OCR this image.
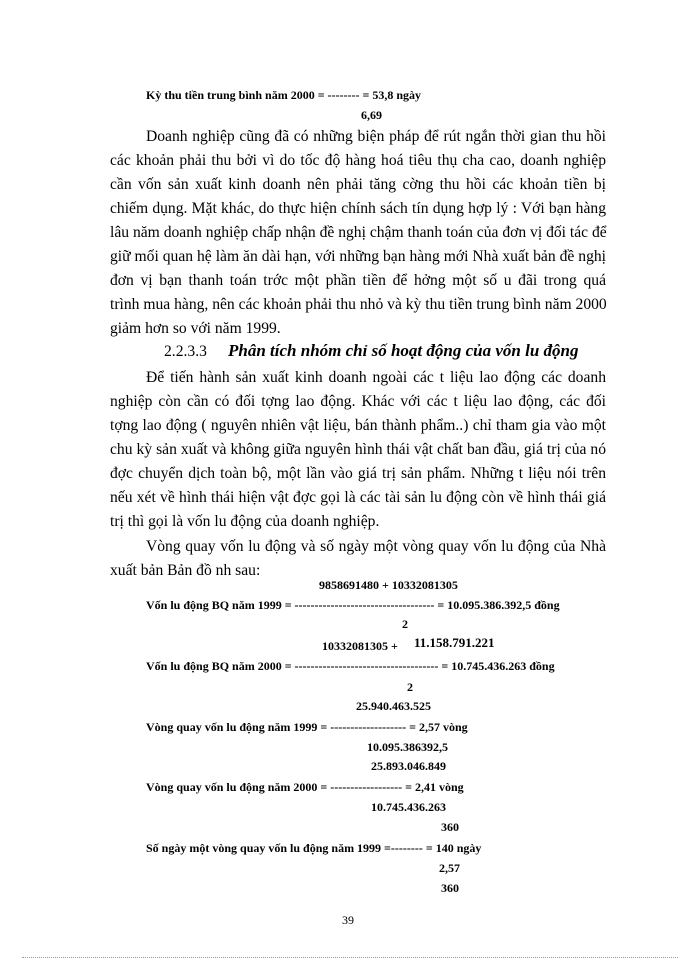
Kỳ thu tiền trung bình năm 2000 = -------- = 53,8 ngày
6,69
Doanh nghiệp cũng đã có những biện pháp để rút ngắn thời gian thu hồi
các khoản phải thu bởi vì do tốc độ hàng hoá tiêu thụ cha cao, doanh nghiệp
cần vốn sản xuất kinh doanh nên phải tăng cờng thu hồi các khoản tiền bị
chiếm dụng. Mặt khác, do thực hiện chính sách tín dụng hợp lý : Với bạn hàng
lâu năm doanh nghiệp chấp nhận đề nghị chậm thanh toán của đơn vị đối tác để
giữ mối quan hệ làm ăn dài hạn, với những bạn hàng mới Nhà xuất bản đề nghị
đơn vị bạn thanh toán trớc một phần tiền để hởng một số u đãi trong quá
trình mua hàng, nên các khoản phải thu nhỏ và kỳ thu tiền trung bình năm 2000
giảm hơn so với năm 1999.
2.2.3.3 Phân tích nhóm chỉ số hoạt động của vốn lu động
Để tiến hành sản xuất kinh doanh ngoài các t liệu lao động các doanh
nghiệp còn cần có đối tợng lao động. Khác với các t liệu lao động, các đối
tợng lao động ( nguyên nhiên vật liệu, bán thành phẩm..) chỉ tham gia vào một
chu kỳ sản xuất và không giữa nguyên hình thái vật chất ban đầu, giá trị của nó
đợc chuyển dịch toàn bộ, một lần vào giá trị sản phẩm. Những t liệu nói trên
nếu xét về hình thái hiện vật đợc gọi là các tài sản lu động còn về hình thái giá
trị thì gọi là vốn lu động của doanh nghiệp.
Vòng quay vốn lu động và số ngày một vòng quay vốn lu động của Nhà
xuất bản Bản đồ nh sau:
9858691480 + 10332081305
Vốn lu động BQ năm 1999 = ----------------------------------- = 10.095.386.392,5 đồng
2
10332081305 + 11.158.791.221
Vốn lu động BQ năm 2000 = ------------------------------------ = 10.745.436.263 đồng
2
25.940.463.525
Vòng quay vốn lu động năm 1999 = ------------------- = 2,57 vòng
10.095.386392,5
25.893.046.849
Vòng quay vốn lu động năm 2000 = ------------------ = 2,41 vòng
10.745.436.263
360
Số ngày một vòng quay vốn lu động năm 1999 =-------- = 140 ngày
2,57
360
39
